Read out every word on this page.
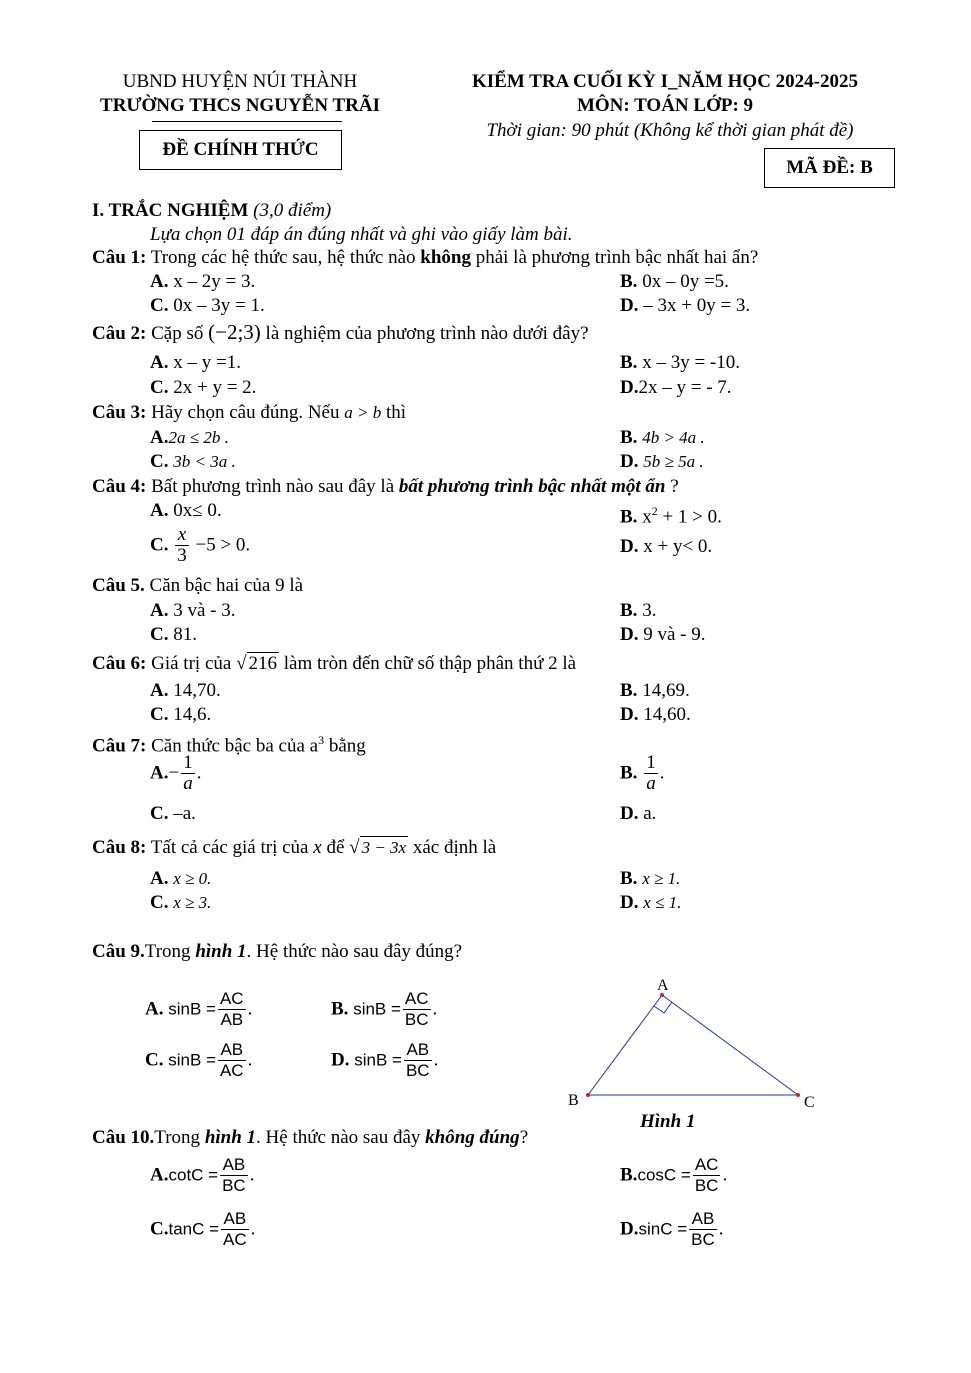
UBND HUYỆN NÚI THÀNH
TRƯỜNG THCS NGUYỄN TRÃI
ĐỀ CHÍNH THỨC
KIỂM TRA CUỐI KỲ I_NĂM HỌC 2024-2025
MÔN: TOÁN LỚP: 9
Thời gian: 90 phút (Không kể thời gian phát đề)
MÃ ĐỀ: B
I. TRẮC NGHIỆM (3,0 điểm)
Lựa chọn 01 đáp án đúng nhất và ghi vào giấy làm bài.
Câu 1: Trong các hệ thức sau, hệ thức nào không phải là phương trình bậc nhất hai ẩn?
A. x – 2y = 3.	B. 0x – 0y =5.
C. 0x – 3y = 1.	D. – 3x + 0y = 3.
Câu 2: Cặp số (−2;3) là nghiệm của phương trình nào dưới đây?
A. x – y =1.	B. x – 3y = -10.
C. 2x + y = 2.	D.2x – y = - 7.
Câu 3: Hãy chọn câu đúng. Nếu a > b thì
A.2a ≤ 2b .	B. 4b > 4a .
C. 3b < 3a .	D. 5b ≥ 5a .
Câu 4: Bất phương trình nào sau đây là bất phương trình bậc nhất một ẩn ?
A. 0x≤ 0.	B. $x^2 + 1 > 0$.
C. $\frac{x}{3} -5 > 0$.	D. x + y< 0.
Câu 5. Căn bậc hai của 9 là
A. 3 và - 3.	B. 3.
C. 81.	D. 9 và - 9.
Câu 6: Giá trị của √ 216 làm tròn đến chữ số thập phân thứ 2 là
A. 14,70.	B. 14,69.
C. 14,6.	D. 14,60.
Câu 7: Căn thức bậc ba của $a^3$ bằng
$A.- \frac{1}{a}$ .	B. $\frac{1}{a}$ .
C. –a.	D. a.
Câu 8: Tất cả các giá trị của x để √ 3 − 3x xác định là
A. x ≥ 0.	B. x ≥ 1.
C. x ≥ 3.	D. x ≤ 1.
Câu 9.Trong hình 1. Hệ thức nào sau đây đúng?
A. $\sin B = \frac{AC}{AB}$ .	B. $\sin B = \frac{AC}{BC}$ .
C. $\sin B = \frac{AB}{AC}$ .	D. $\sin B = \frac{AB}{BC}$ .
A
B	C
Hình 1
Câu 10.Trong hình 1. Hệ thức nào sau đây không đúng?
$A.\cot C = \frac{AB}{BC}$ .	$B.\cos C = \frac{AC}{BC}$ .
$C.\tan C = \frac{AB}{AC}$ .	$D.\sin C = \frac{AB}{BC}$ .
